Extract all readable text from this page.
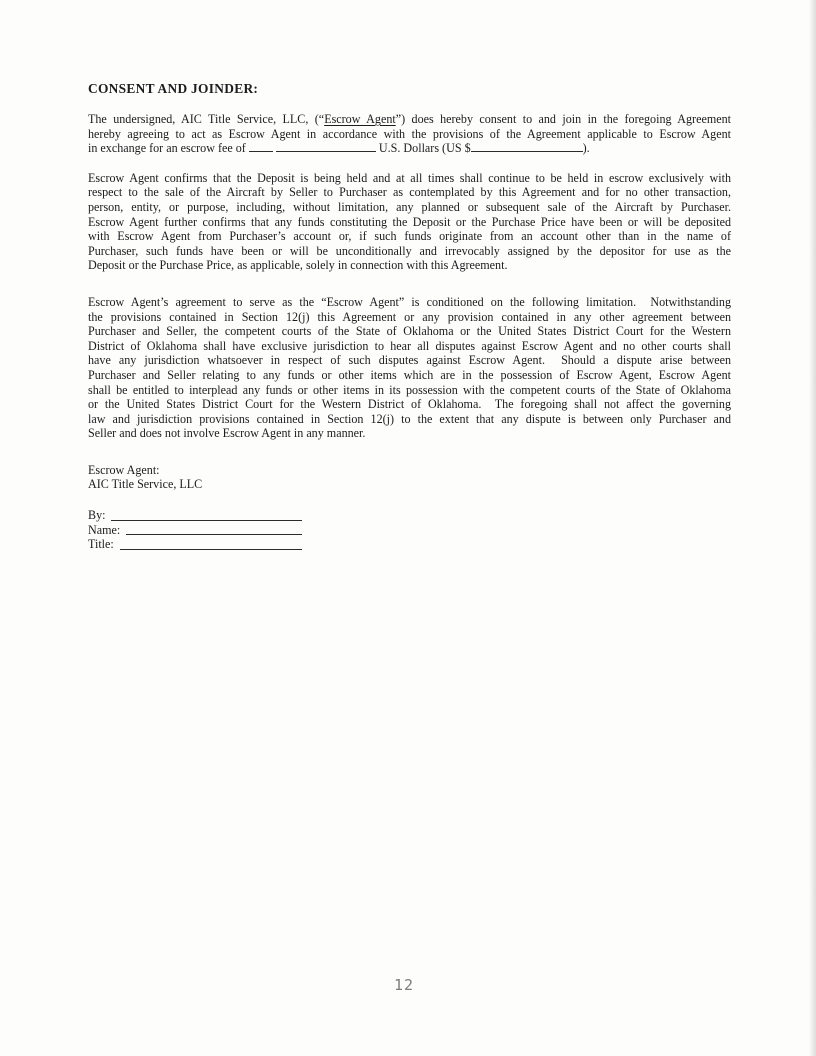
CONSENT AND JOINDER:
The undersigned, AIC Title Service, LLC, (“Escrow Agent”) does hereby consent to and join in the foregoing Agreement
hereby agreeing to act as Escrow Agent in accordance with the provisions of the Agreement applicable to Escrow Agent
in exchange for an escrow fee of	U.S. Dollars (US $	).
Escrow Agent confirms that the Deposit is being held and at all times shall continue to be held in escrow exclusively with
respect to the sale of the Aircraft by Seller to Purchaser as contemplated by this Agreement and for no other transaction,
person, entity, or purpose, including, without limitation, any planned or subsequent sale of the Aircraft by Purchaser.
Escrow Agent further confirms that any funds constituting the Deposit or the Purchase Price have been or will be deposited
with Escrow Agent from Purchaser’s account or, if such funds originate from an account other than in the name of
Purchaser, such funds have been or will be unconditionally and irrevocably assigned by the depositor for use as the
Deposit or the Purchase Price, as applicable, solely in connection with this Agreement.
Escrow Agent’s agreement to serve as the “Escrow Agent” is conditioned on the following limitation.  Notwithstanding
the provisions contained in Section 12(j) this Agreement or any provision contained in any other agreement between
Purchaser and Seller, the competent courts of the State of Oklahoma or the United States District Court for the Western
District of Oklahoma shall have exclusive jurisdiction to hear all disputes against Escrow Agent and no other courts shall
have any jurisdiction whatsoever in respect of such disputes against Escrow Agent.  Should a dispute arise between
Purchaser and Seller relating to any funds or other items which are in the possession of Escrow Agent, Escrow Agent
shall be entitled to interplead any funds or other items in its possession with the competent courts of the State of Oklahoma
or the United States District Court for the Western District of Oklahoma.  The foregoing shall not affect the governing
law and jurisdiction provisions contained in Section 12(j) to the extent that any dispute is between only Purchaser and
Seller and does not involve Escrow Agent in any manner.
Escrow Agent:
AIC Title Service, LLC
By:
Name:
Title:
12
